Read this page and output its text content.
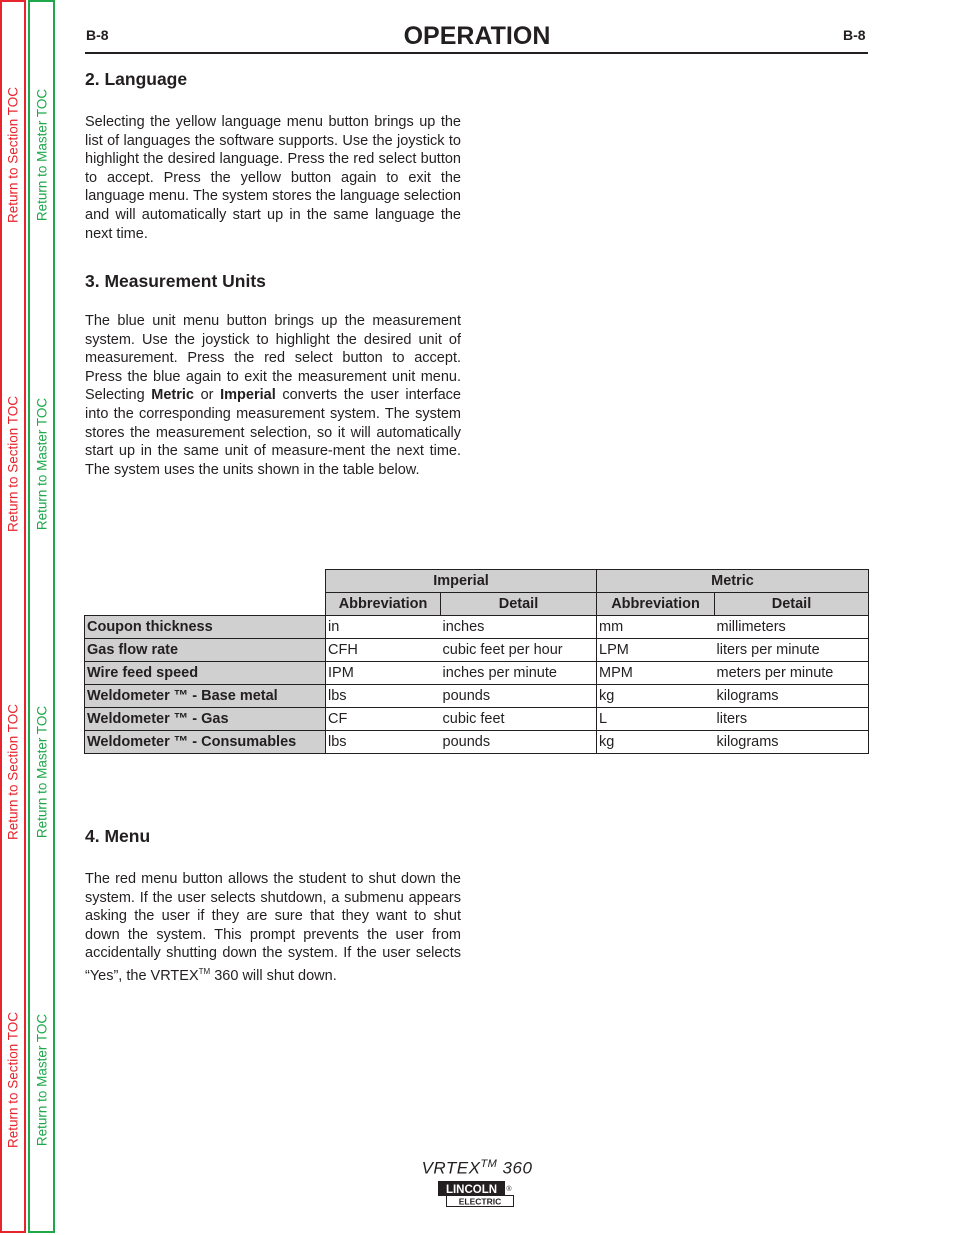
Return to Section TOC
Return to Section TOC
Return to Section TOC
Return to Section TOC
Return to Master TOC
Return to Master TOC
Return to Master TOC
Return to Master TOC
B-8	OPERATION	B-8
2. Language

Selecting the yellow language menu button brings up the list of languages the software supports. Use the joystick to highlight the desired language. Press the red select button to accept. Press the yellow button again to exit the language menu. The system stores the language selection and will automatically start up in the same language the next time.

3. Measurement Units

The blue unit menu button brings up the measurement system. Use the joystick to highlight the desired unit of measurement. Press the red select button to accept. Press the blue again to exit the measurement unit menu. Selecting Metric or Imperial converts the user interface into the corresponding measurement system. The system stores the measurement selection, so it will automatically start up in the same unit of measure-ment the next time. The system uses the units shown in the table below.

	Imperial		Metric	
	Abbreviation	Detail	Abbreviation	Detail
Coupon thickness	in	inches	mm	millimeters
Gas flow rate	CFH	cubic feet per hour	LPM	liters per minute
Wire feed speed	IPM	inches per minute	MPM	meters per minute
Weldometer ™ - Base metal	lbs	pounds	kg	kilograms
Weldometer ™ - Gas	CF	cubic feet	L	liters
Weldometer ™ - Consumables	lbs	pounds	kg	kilograms
4. Menu

The red menu button allows the student to shut down the system. If the user selects shutdown, a submenu appears asking the user if they are sure that they want to shut down the system. This prompt prevents the user from accidentally shutting down the system. If the user selects “Yes”, the VRTEX™ 360 will shut down.

VRTEX™ 360
LINCOLN
ELECTRIC
®
